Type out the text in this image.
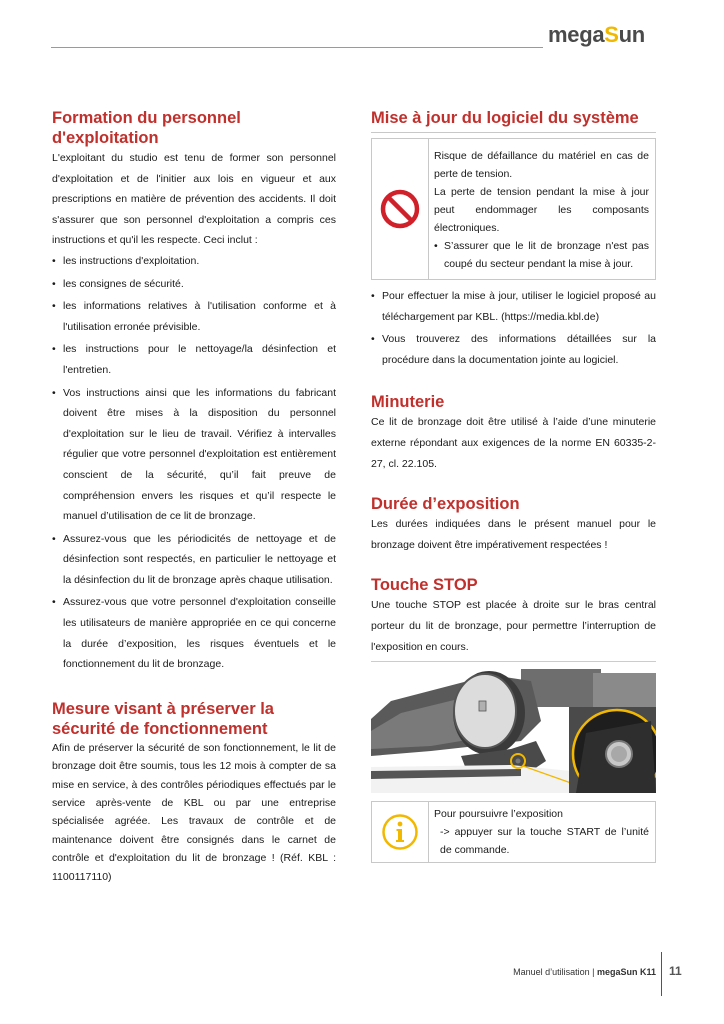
megaSun
Formation du personnel d'exploitation

L'exploitant du studio est tenu de former son personnel d'exploitation et de l'initier aux lois en vigueur et aux prescriptions en matière de prévention des accidents. Il doit s'assurer que son personnel d'exploitation a compris ces instructions et qu'il les respecte. Ceci inclut :

• les instructions d'exploitation.
• les consignes de sécurité.
• les informations relatives à l'utilisation conforme et à l'utilisation erronée prévisible.
• les instructions pour le nettoyage/la désinfection et l'entretien.
• Vos instructions ainsi que les informations du fabricant doivent être mises à la disposition du personnel d'exploitation sur le lieu de travail. Vérifiez à intervalles régulier que votre personnel d'exploitation est entièrement conscient de la sécurité, qu’il fait preuve de compréhension envers les risques et qu’il respecte le manuel d’utilisation de ce lit de bronzage.
• Assurez-vous que les périodicités de nettoyage et de désinfection sont respectés, en particulier le nettoyage et la désinfection du lit de bronzage après chaque utilisation.
• Assurez-vous que votre personnel d'exploitation conseille les utilisateurs de manière appropriée en ce qui concerne la durée d’exposition, les risques éventuels et le fonctionnement du lit de bronzage.
Mesure visant à préserver la sécurité de fonctionnement

Afin de préserver la sécurité de son fonctionnement, le lit de bronzage doit être soumis, tous les 12 mois à compter de sa mise en service, à des contrôles périodiques effectués par le service après-vente de KBL ou par une entreprise spécialisée agréée. Les travaux de contrôle et de maintenance doivent être consignés dans le carnet de contrôle et d'exploitation du lit de bronzage ! (Réf. KBL : 1100117110)

Mise à jour du logiciel du système
Risque de défaillance du matériel en cas de perte de tension.
La perte de tension pendant la mise à jour peut endommager les composants électroniques.
• S’assurer que le lit de bronzage n'est pas coupé du secteur pendant la mise à jour.
• Pour effectuer la mise à jour, utiliser le logiciel proposé au téléchargement par KBL. (https://media.kbl.de)
• Vous trouverez des informations détaillées sur la procédure dans la documentation jointe au logiciel.
Minuterie

Ce lit de bronzage doit être utilisé à l’aide d’une minuterie externe répondant aux exigences de la norme EN 60335-2-27, cl. 22.105.

Durée d’exposition

Les durées indiquées dans le présent manuel pour le bronzage doivent être impérativement respectées !

Touche STOP

Une touche STOP est placée à droite sur le bras central porteur du lit de bronzage, pour permettre l’interruption de l'exposition en cours.

Pour poursuivre l’exposition
-> appuyer sur la touche START de l’unité de commande.
Manuel d’utilisation | megaSun K11 11
